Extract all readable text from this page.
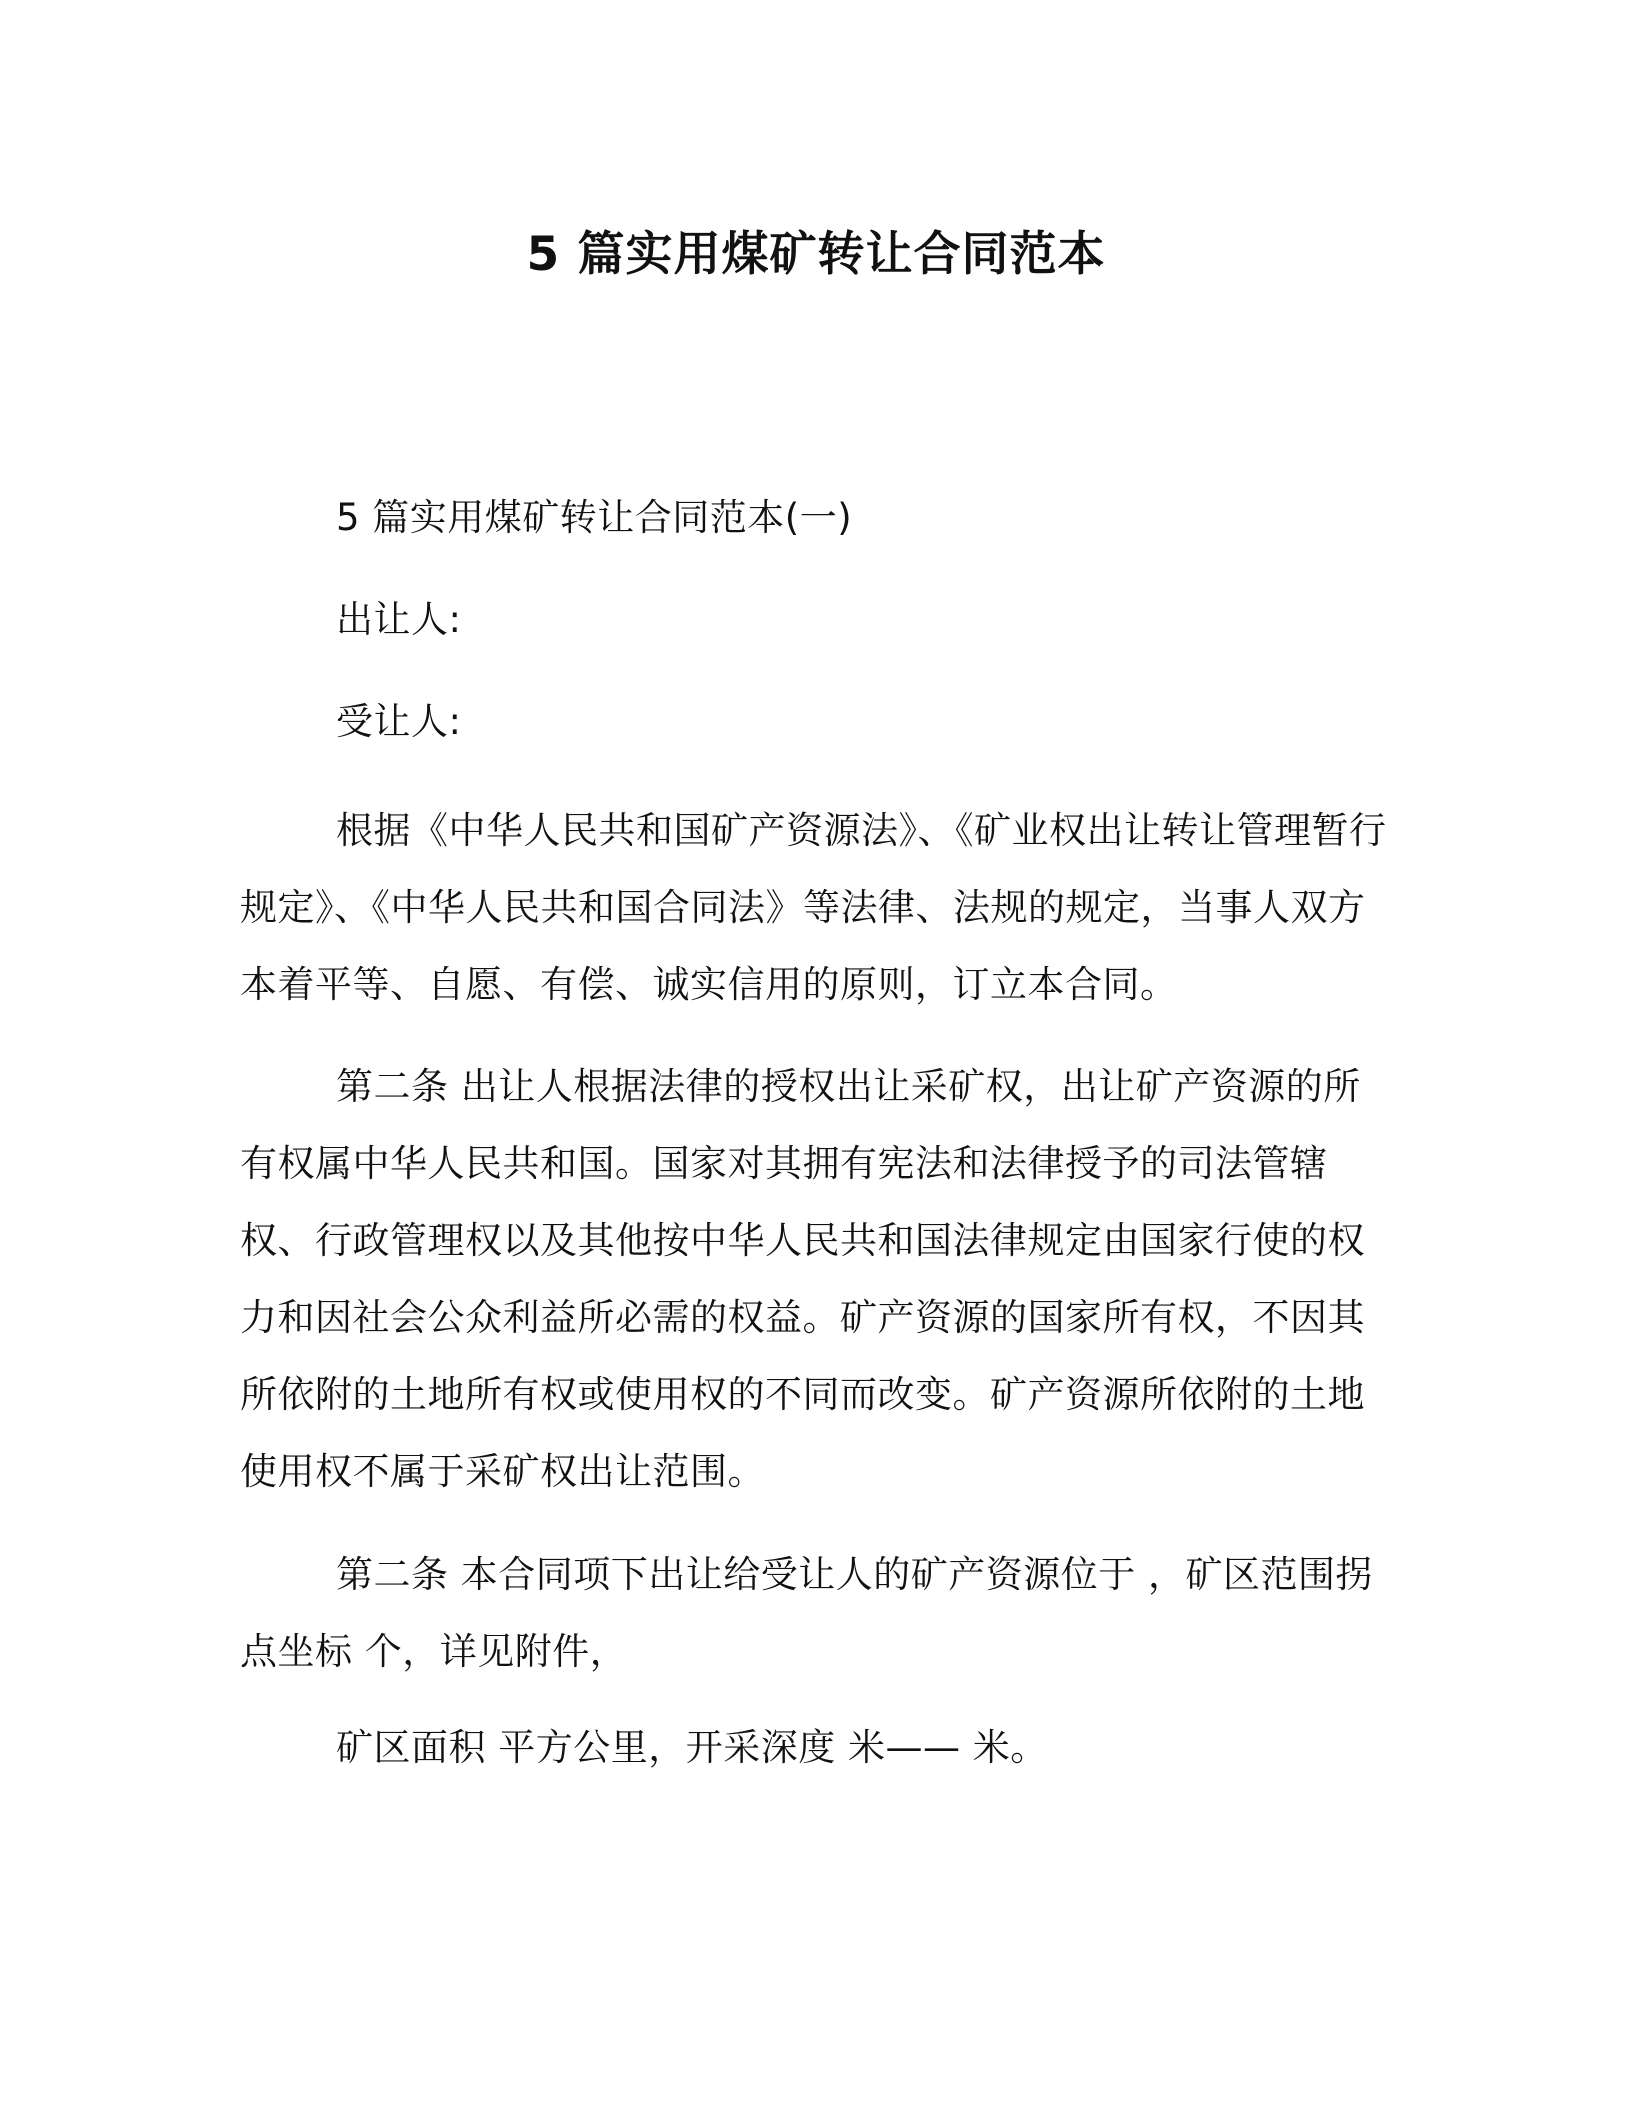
5 篇实用煤矿转让合同范本

5 篇实用煤矿转让合同范本(一)

出让人:

受让人:

根据《中华人民共和国矿产资源法》、《矿业权出让转让管理暂行规定》、《中华人民共和国合同法》等法律、法规的规定，当事人双方本着平等、自愿、有偿、诚实信用的原则，订立本合同。

第二条 出让人根据法律的授权出让采矿权，出让矿产资源的所有权属中华人民共和国。国家对其拥有宪法和法律授予的司法管辖权、行政管理权以及其他按中华人民共和国法律规定由国家行使的权力和因社会公众利益所必需的权益。矿产资源的国家所有权，不因其所依附的土地所有权或使用权的不同而改变。矿产资源所依附的土地使用权不属于采矿权出让范围。

第二条 本合同项下出让给受让人的矿产资源位于 ，矿区范围拐点坐标 个，详见附件，

矿区面积 平方公里，开采深度 米—— 米。
